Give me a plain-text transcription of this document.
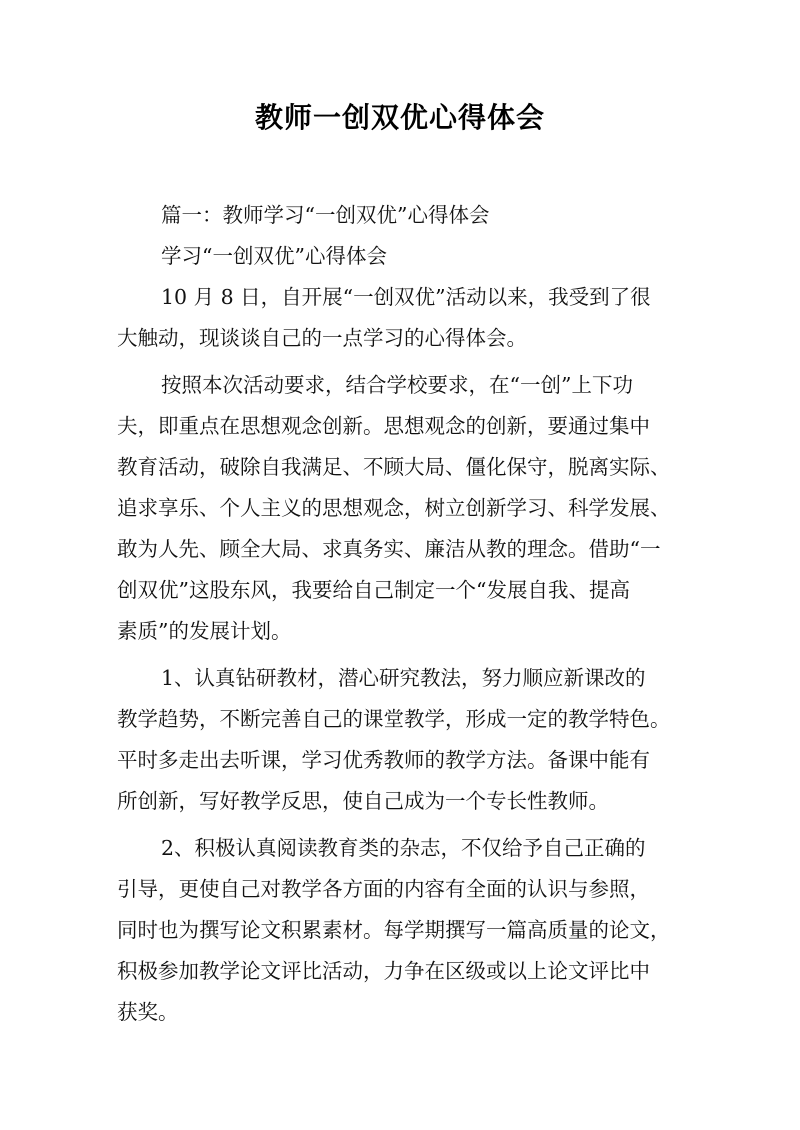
教师一创双优心得体会
篇一：教师学习“一创双优”心得体会
学习“一创双优”心得体会
10 月 8 日，自开展“一创双优”活动以来，我受到了很
大触动，现谈谈自己的一点学习的心得体会。
按照本次活动要求，结合学校要求，在“一创”上下功
夫，即重点在思想观念创新。思想观念的创新，要通过集中
教育活动，破除自我满足、不顾大局、僵化保守，脱离实际、
追求享乐、个人主义的思想观念，树立创新学习、科学发展、
敢为人先、顾全大局、求真务实、廉洁从教的理念。借助“一
创双优”这股东风，我要给自己制定一个“发展自我、提高
素质”的发展计划。
1、认真钻研教材，潜心研究教法，努力顺应新课改的
教学趋势，不断完善自己的课堂教学，形成一定的教学特色。
平时多走出去听课，学习优秀教师的教学方法。备课中能有
所创新，写好教学反思，使自己成为一个专长性教师。
2、积极认真阅读教育类的杂志，不仅给予自己正确的
引导，更使自己对教学各方面的内容有全面的认识与参照，
同时也为撰写论文积累素材。每学期撰写一篇高质量的论文，
积极参加教学论文评比活动，力争在区级或以上论文评比中
获奖。
